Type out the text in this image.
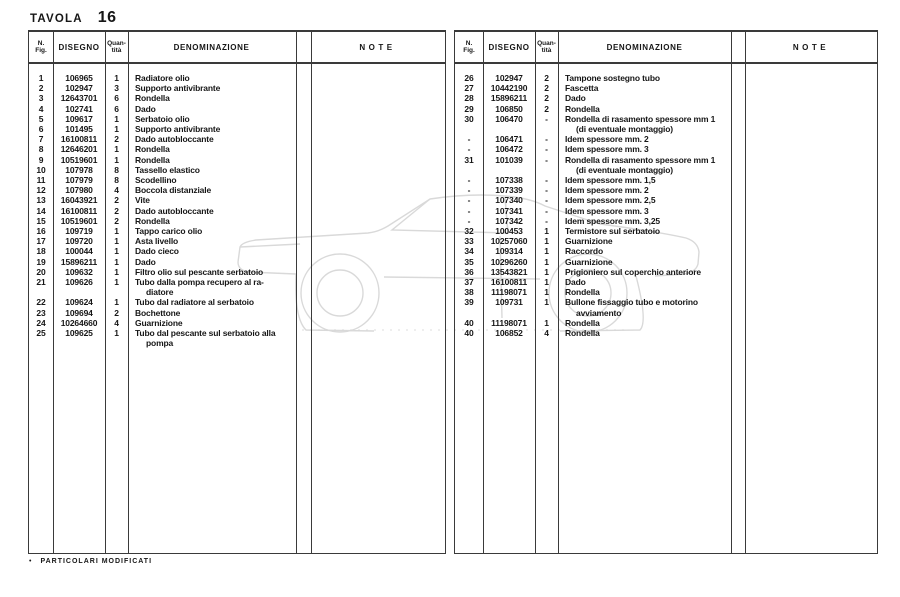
TAVOLA 16
N.
Fig.	DISEGNO	Quan-
tità	DENOMINAZIONE	NOTE
1	106965	1	Radiatore olio
2	102947	3	Supporto antivibrante
3	12643701	6	Rondella
4	102741	6	Dado
5	109617	1	Serbatoio olio
6	101495	1	Supporto antivibrante
7	16100811	2	Dado autobloccante
8	12646201	1	Rondella
9	10519601	1	Rondella
10	107978	8	Tassello elastico
11	107979	8	Scodellino
12	107980	4	Boccola distanziale
13	16043921	2	Vite
14	16100811	2	Dado autobloccante
15	10519601	2	Rondella
16	109719	1	Tappo carico olio
17	109720	1	Asta livello
18	100044	1	Dado cieco
19	15896211	1	Dado
20	109632	1	Filtro olio sul pescante serbatoio
21	109626	1	Tubo dalla pompa recupero al ra-
diatore
22	109624	1	Tubo dal radiatore al serbatoio
23	109694	2	Bochettone
24	10264660	4	Guarnizione
25	109625	1	Tubo dal pescante sul serbatoio alla
pompa
N.
Fig.	DISEGNO	Quan-
tità	DENOMINAZIONE	NOTE
26	102947	2	Tampone sostegno tubo
27	10442190	2	Fascetta
28	15896211	2	Dado
29	106850	2	Rondella
30	106470	-	Rondella di rasamento spessore mm 1
(di eventuale montaggio)
-	106471	-	Idem spessore mm. 2
-	106472	-	Idem spessore mm. 3
31	101039	-	Rondella di rasamento spessore mm 1
(di eventuale montaggio)
-	107338	-	Idem spessore mm. 1,5
-	107339	-	Idem spessore mm. 2
-	107340	-	Idem spessore mm. 2,5
-	107341	-	Idem spessore mm. 3
-	107342	-	Idem spessore mm. 3,25
32	100453	1	Termistore sul serbatoio
33	10257060	1	Guarnizione
34	109314	1	Raccordo
35	10296260	1	Guarnizione
36	13543821	1	Prigioniero sul coperchio anteriore
37	16100811	1	Dado
38	11198071	1	Rondella
39	109731	1	Bullone fissaggio tubo e motorino
avviamento
40	11198071	1	Rondella
40	106852	4	Rondella
• PARTICOLARI MODIFICATI
